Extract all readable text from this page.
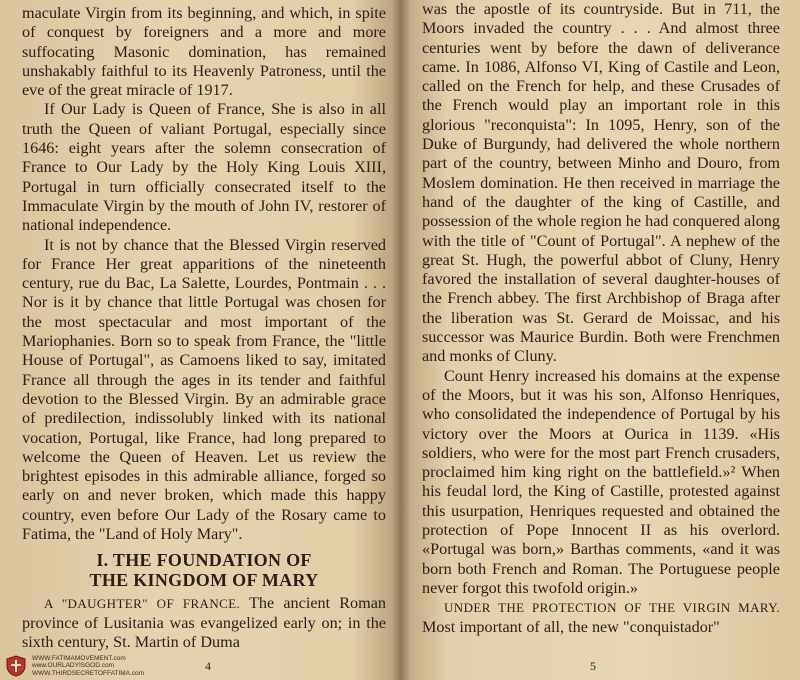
maculate Virgin from its beginning, and which, in spite of conquest by foreigners and a more and more suffocating Masonic domination, has remained unshakably faithful to its Heavenly Patroness, until the eve of the great miracle of 1917.

If Our Lady is Queen of France, She is also in all truth the Queen of valiant Portugal, especially since 1646: eight years after the solemn consecration of France to Our Lady by the Holy King Louis XIII, Portugal in turn officially consecrated itself to the Immaculate Virgin by the mouth of John IV, restorer of national independence.

It is not by chance that the Blessed Virgin reserved for France Her great apparitions of the nineteenth century, rue du Bac, La Salette, Lourdes, Pontmain . . . Nor is it by chance that little Portugal was chosen for the most spectacular and most important of the Mariophanies. Born so to speak from France, the "little House of Portugal", as Camoens liked to say, imitated France all through the ages in its tender and faithful devotion to the Blessed Virgin. By an admirable grace of predilection, indissolubly linked with its national vocation, Portugal, like France, had long prepared to welcome the Queen of Heaven. Let us review the brightest episodes in this admirable alliance, forged so early on and never broken, which made this happy country, even before Our Lady of the Rosary came to Fatima, the "Land of Holy Mary".

I. THE FOUNDATION OF
THE KINGDOM OF MARY

A "DAUGHTER" OF FRANCE. The ancient Roman province of Lusitania was evangelized early on; in the sixth century, St. Martin of Duma

WWW.FATIMAMOVEMENT.com
www.OURLADYISGOD.com
WWW.THIRDSECRETOFFATIMA.com
4

was the apostle of its countryside. But in 711, the Moors invaded the country . . . And almost three centuries went by before the dawn of deliverance came. In 1086, Alfonso VI, King of Castile and Leon, called on the French for help, and these Crusades of the French would play an important role in this glorious "reconquista": In 1095, Henry, son of the Duke of Burgundy, had delivered the whole northern part of the country, between Minho and Douro, from Moslem domination. He then received in marriage the hand of the daughter of the king of Castille, and possession of the whole region he had conquered along with the title of "Count of Portugal". A nephew of the great St. Hugh, the powerful abbot of Cluny, Henry favored the installation of several daughter-houses of the French abbey. The first Archbishop of Braga after the liberation was St. Gerard de Moissac, and his successor was Maurice Burdin. Both were Frenchmen and monks of Cluny.

Count Henry increased his domains at the expense of the Moors, but it was his son, Alfonso Henriques, who consolidated the independence of Portugal by his victory over the Moors at Ourica in 1139. «His soldiers, who were for the most part French crusaders, proclaimed him king right on the battlefield.»² When his feudal lord, the King of Castille, protested against this usurpation, Henriques requested and obtained the protection of Pope Innocent II as his overlord. «Portugal was born,» Barthas comments, «and it was born both French and Roman. The Portuguese people never forgot this twofold origin.»

UNDER THE PROTECTION OF THE VIRGIN MARY. Most important of all, the new "conquistador"

5
